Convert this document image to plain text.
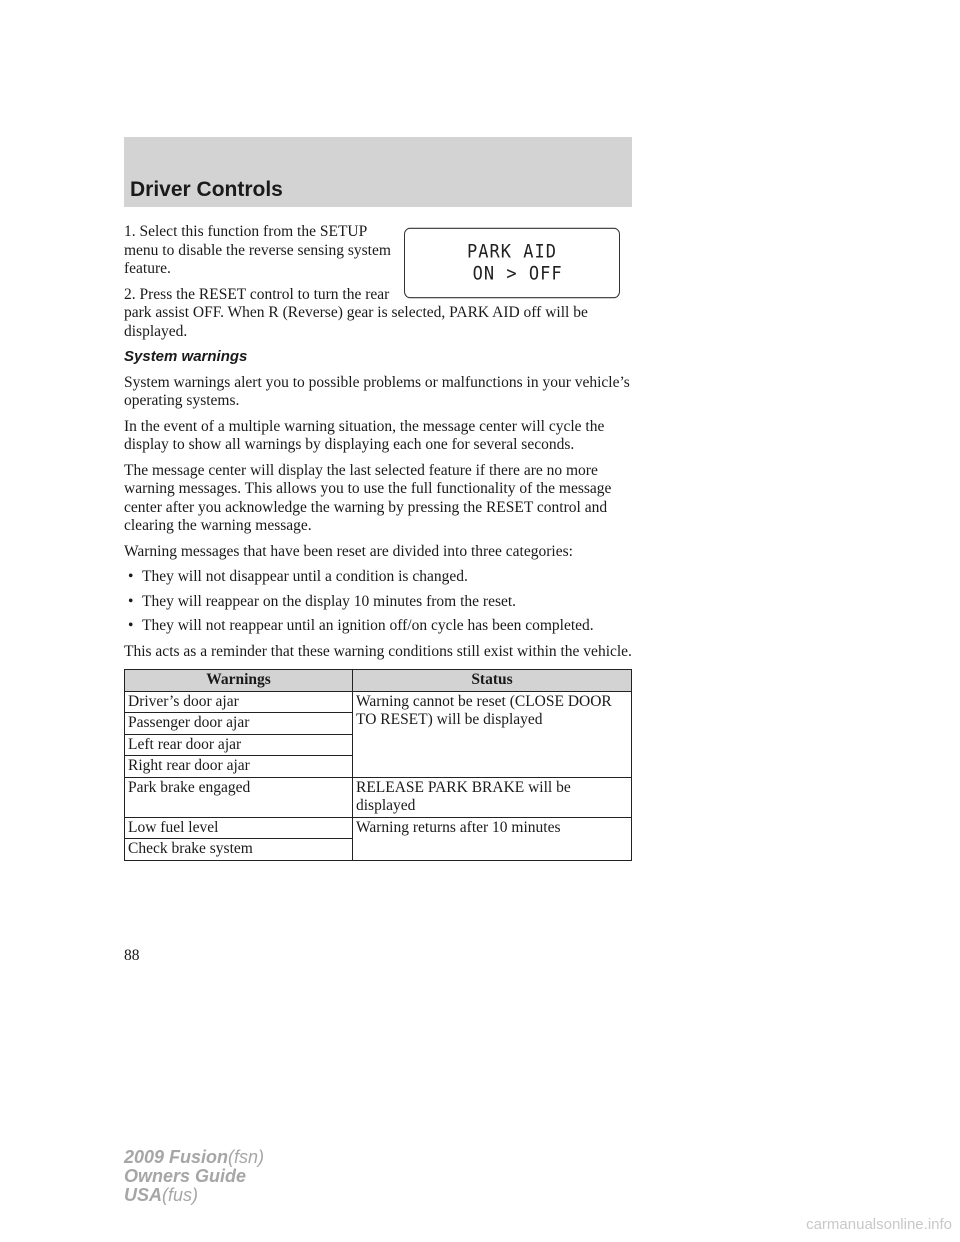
Driver Controls
PARK AID
ON > OFF

1. Select this function from the SETUP menu to disable the reverse sensing system feature.

2. Press the RESET control to turn the rear park assist OFF. When R (Reverse) gear is selected, PARK AID off will be displayed.

System warnings

System warnings alert you to possible problems or malfunctions in your vehicle’s operating systems.

In the event of a multiple warning situation, the message center will cycle the display to show all warnings by displaying each one for several seconds.

The message center will display the last selected feature if there are no more warning messages. This allows you to use the full functionality of the message center after you acknowledge the warning by pressing the RESET control and clearing the warning message.

Warning messages that have been reset are divided into three categories:

• They will not disappear until a condition is changed.
• They will reappear on the display 10 minutes from the reset.
• They will not reappear until an ignition off/on cycle has been completed.

This acts as a reminder that these warning conditions still exist within the vehicle.

Warnings	Status
Driver’s door ajar	Warning cannot be reset (CLOSE DOOR TO RESET) will be displayed
Passenger door ajar	
Left rear door ajar	
Right rear door ajar	
Park brake engaged	RELEASE PARK BRAKE will be displayed
Low fuel level	Warning returns after 10 minutes
Check brake system	
88
2009 Fusion(fsn)
Owners Guide
USA(fus)
carmanualsonline.info
